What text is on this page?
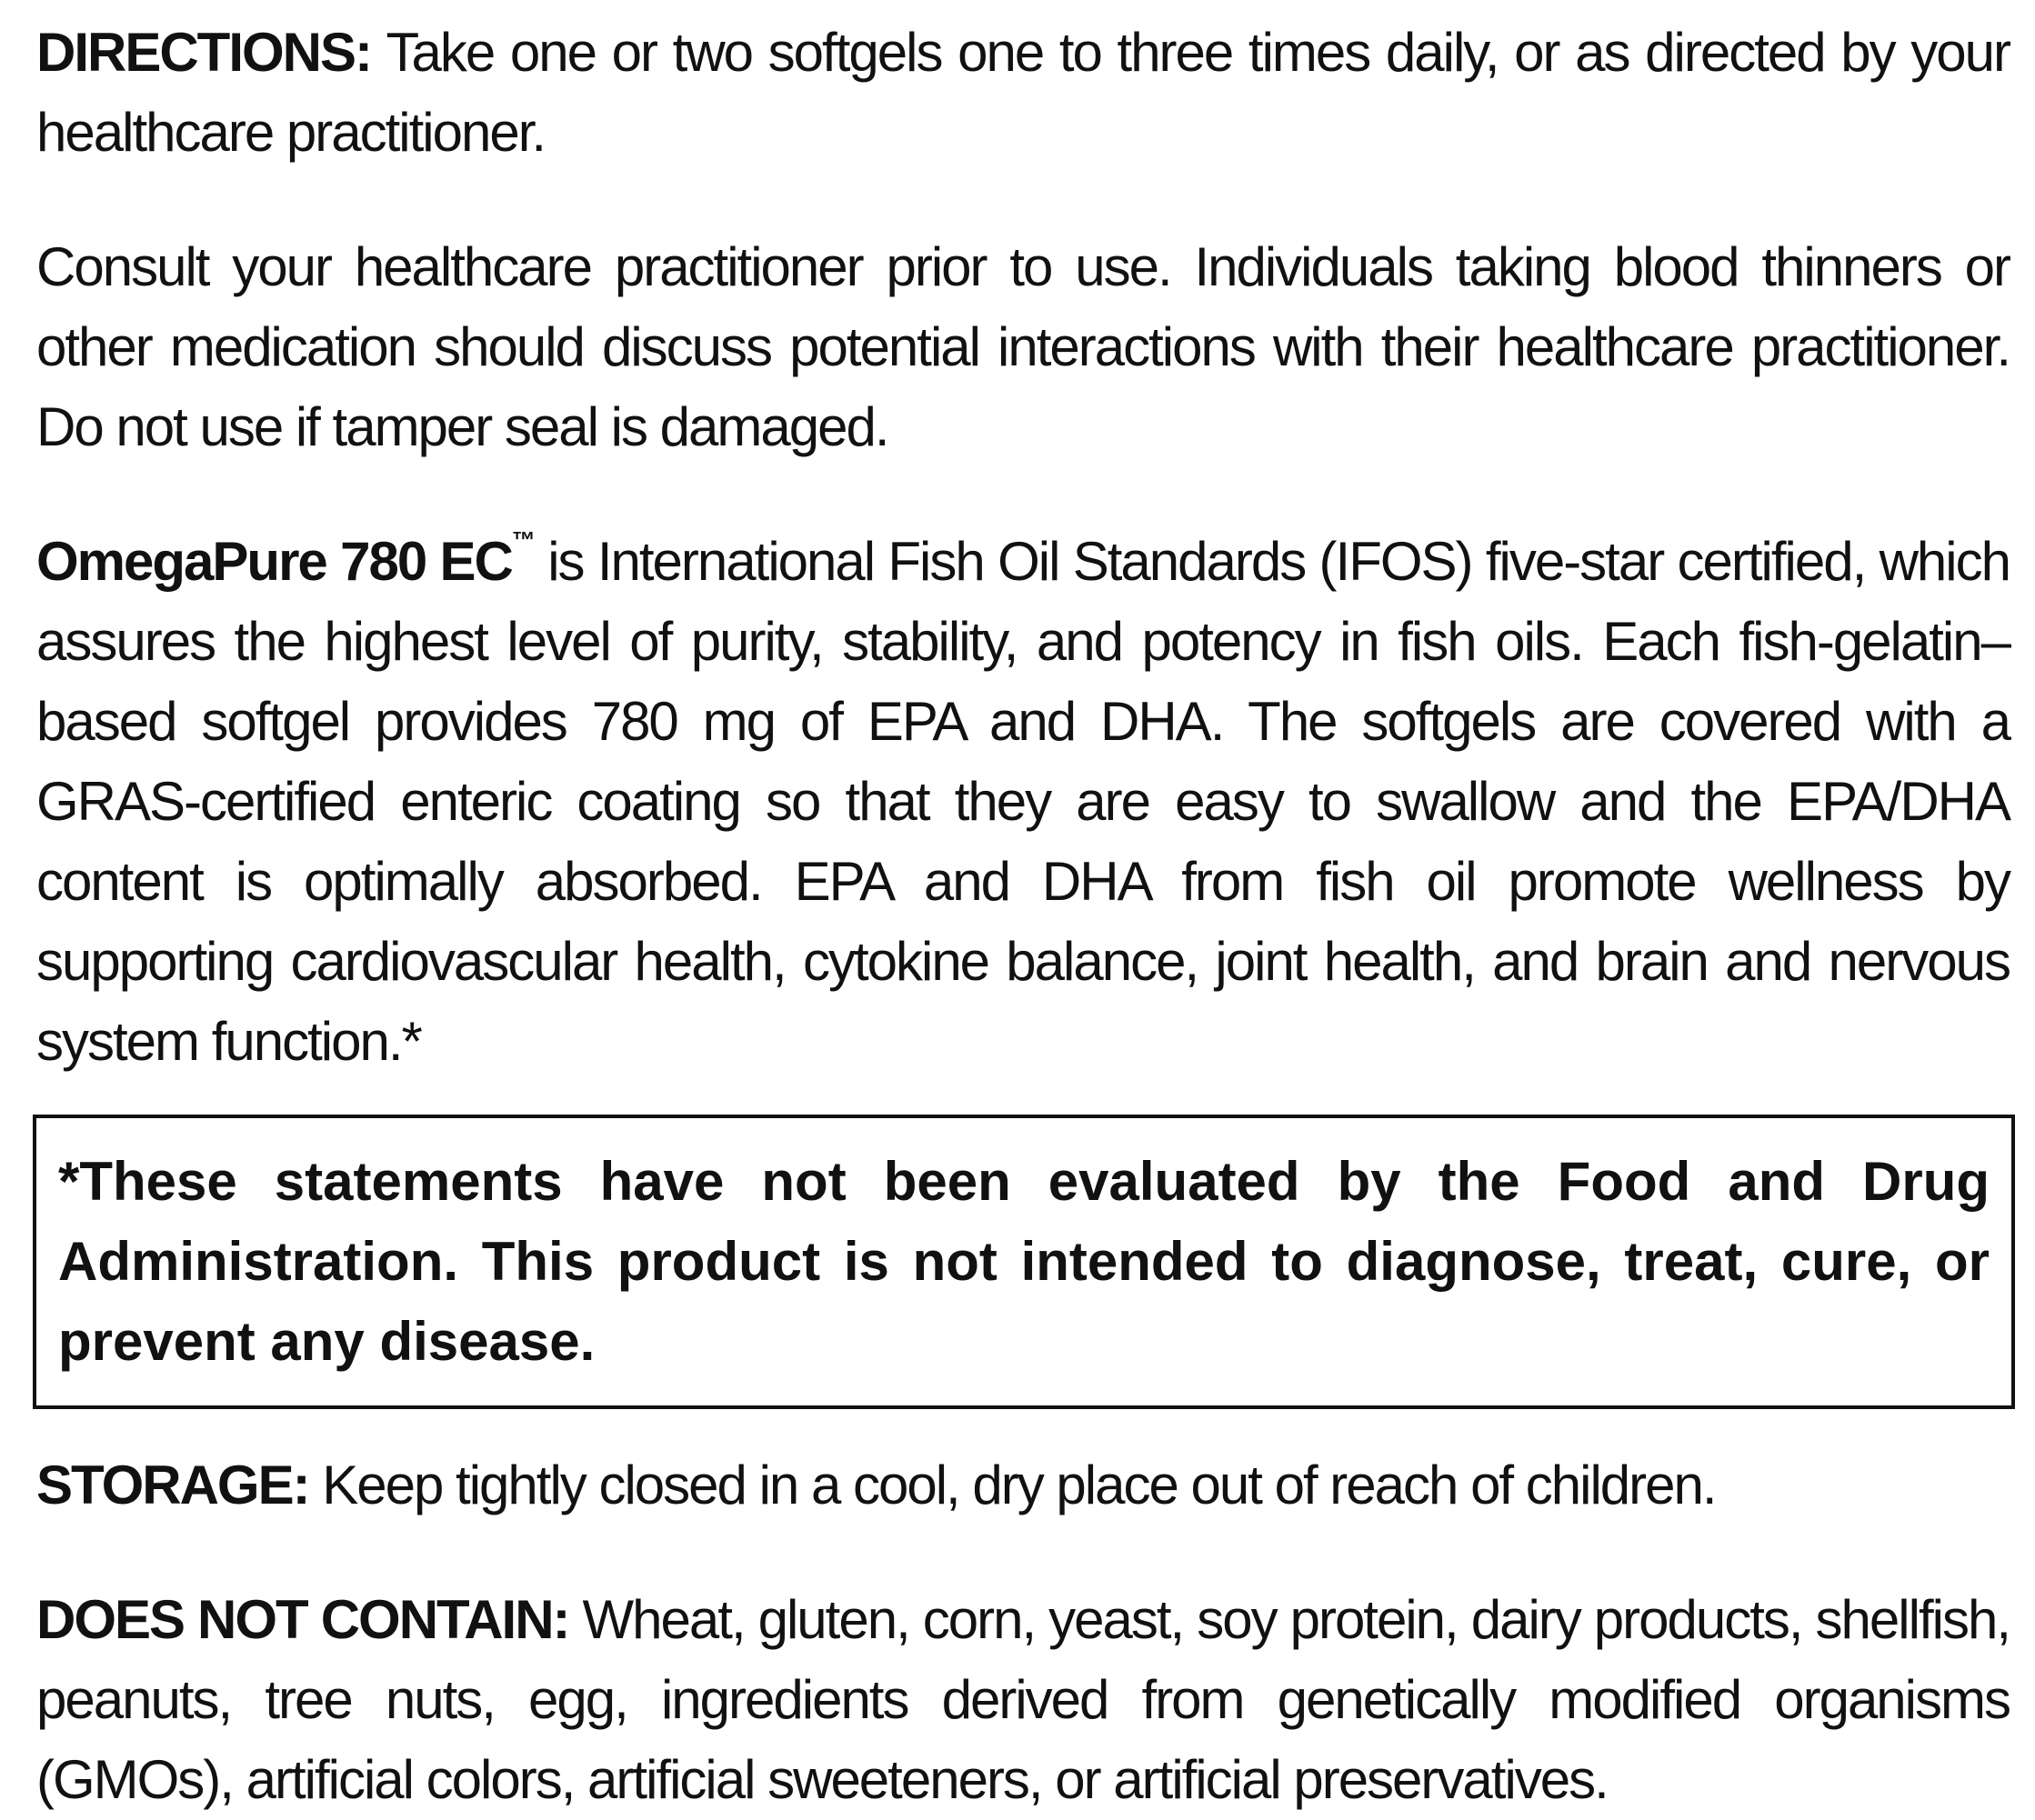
DIRECTIONS: Take one or two softgels one to three times daily, or as directed by your healthcare practitioner.

Consult your healthcare practitioner prior to use. Individuals taking blood thinners or other medication should discuss potential interactions with their healthcare practitioner. Do not use if tamper seal is damaged.

OmegaPure 780 EC™ is International Fish Oil Standards (IFOS) five-star certified, which assures the highest level of purity, stability, and potency in fish oils. Each fish-gelatin–based softgel provides 780 mg of EPA and DHA. The softgels are covered with a GRAS-certified enteric coating so that they are easy to swallow and the EPA/DHA content is optimally absorbed. EPA and DHA from fish oil promote wellness by supporting cardiovascular health, cytokine balance, joint health, and brain and nervous system function.*

*These statements have not been evaluated by the Food and Drug Administration. This product is not intended to diagnose, treat, cure, or prevent any disease.

STORAGE: Keep tightly closed in a cool, dry place out of reach of children.

DOES NOT CONTAIN: Wheat, gluten, corn, yeast, soy protein, dairy products, shellfish, peanuts, tree nuts, egg, ingredients derived from genetically modified organisms (GMOs), artificial colors, artificial sweeteners, or artificial preservatives.
